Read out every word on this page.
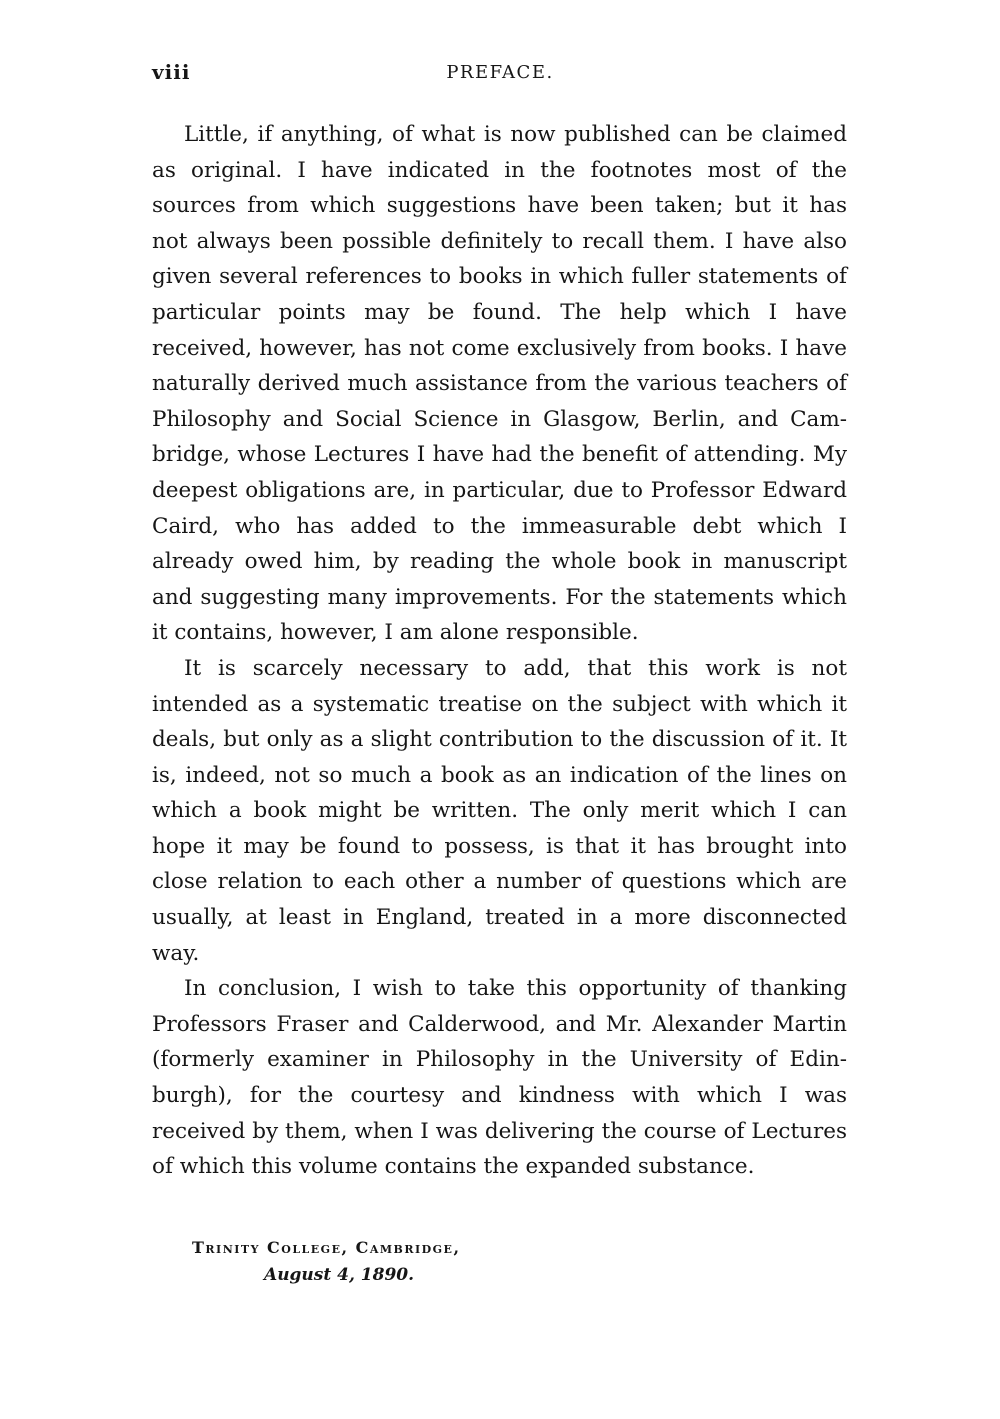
viii	PREFACE.

Little, if anything, of what is now published can be claimed as original. I have indicated in the footnotes most of the sources from which suggestions have been taken; but it has not always been possible definitely to recall them. I have also given several references to books in which fuller statements of particular points may be found. The help which I have received, however, has not come exclusively from books. I have naturally derived much assistance from the various teachers of Philosophy and Social Science in Glasgow, Berlin, and Cambridge, whose Lectures I have had the benefit of attending. My deepest obligations are, in particular, due to Professor Edward Caird, who has added to the immeasurable debt which I already owed him, by reading the whole book in manuscript and suggesting many improvements. For the statements which it contains, however, I am alone responsible.

It is scarcely necessary to add, that this work is not intended as a systematic treatise on the subject with which it deals, but only as a slight contribution to the discussion of it. It is, indeed, not so much a book as an indication of the lines on which a book might be written. The only merit which I can hope it may be found to possess, is that it has brought into close relation to each other a number of questions which are usually, at least in England, treated in a more disconnected way.

In conclusion, I wish to take this opportunity of thanking Professors Fraser and Calderwood, and Mr. Alexander Martin (formerly examiner in Philosophy in the University of Edinburgh), for the courtesy and kindness with which I was received by them, when I was delivering the course of Lectures of which this volume contains the expanded substance.

Trinity College, Cambridge,
August 4, 1890.
